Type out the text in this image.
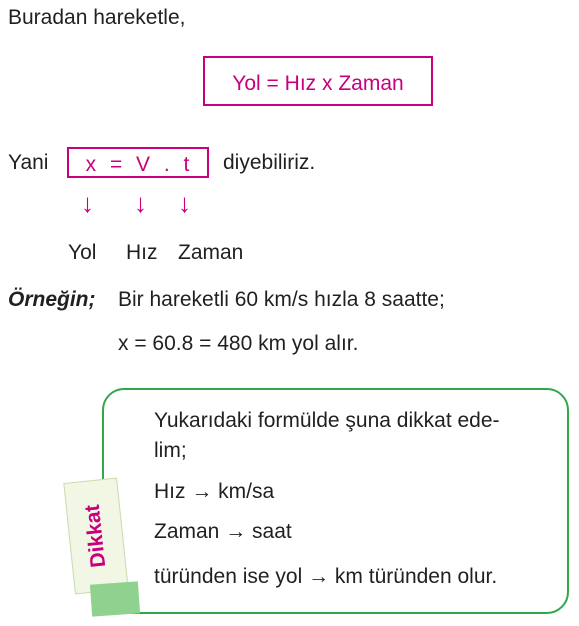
Buradan hareketle,
Yol = Hız x Zaman
Yani	x = V . t	diyebiliriz.
↓ ↓ ↓
Yol Hız Zaman
Örneğin; Bir hareketli 60 km/s hızla 8 saatte;
x = 60.8 = 480 km yol alır.
Dikkat
Yukarıdaki formülde şuna dikkat ede-
lim;
Hız → km/sa
Zaman → saat
türünden ise yol → km türünden olur.
